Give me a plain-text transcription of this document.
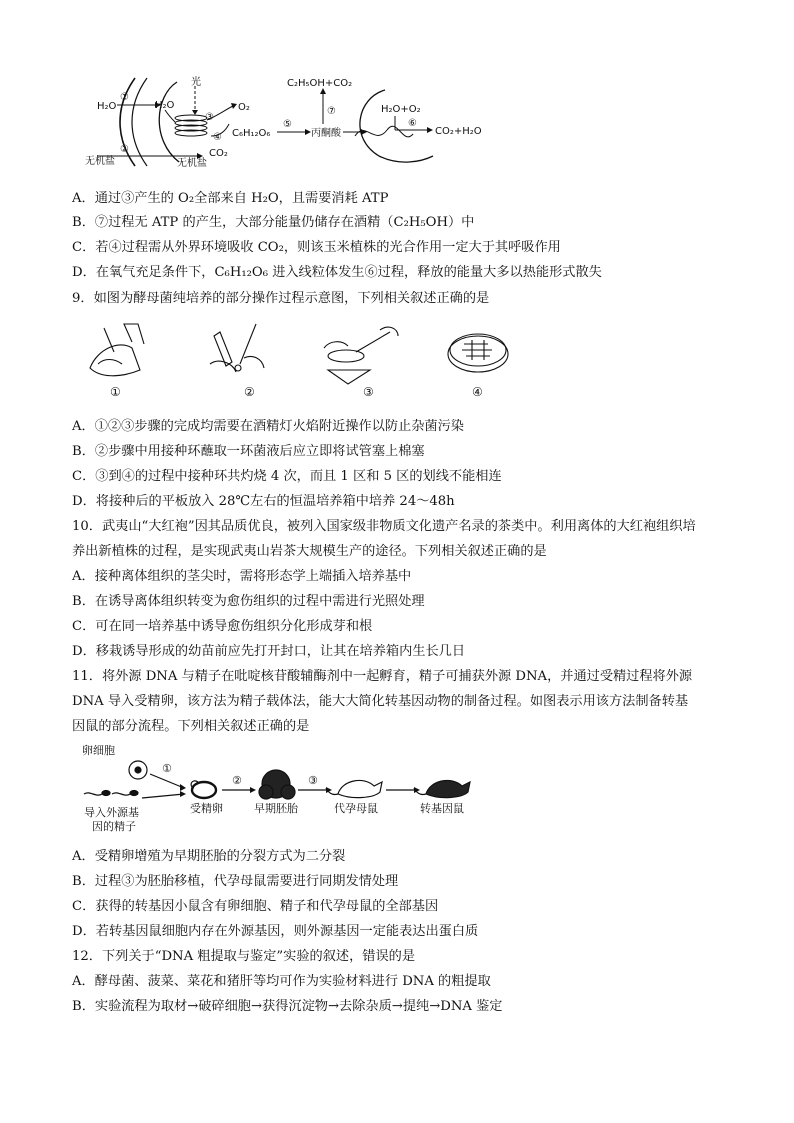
H₂O
①
H₂O
光
③
O₂
④
CO₂
C₆H₁₂O₆
⑤
②
无机盐	无机盐
C₂H₅OH+CO₂
⑦
丙酮酸
H₂O+O₂
⑥
CO₂+H₂O
A．通过③产生的 O₂全部来自 H₂O，且需要消耗 ATP
B．⑦过程无 ATP 的产生，大部分能量仍储存在酒精（C₂H₅OH）中
C．若④过程需从外界环境吸收 CO₂，则该玉米植株的光合作用一定大于其呼吸作用
D．在氧气充足条件下，C₆H₁₂O₆ 进入线粒体发生⑥过程，释放的能量大多以热能形式散失
9．如图为酵母菌纯培养的部分操作过程示意图，下列相关叙述正确的是
①	②	③	④
A．①②③步骤的完成均需要在酒精灯火焰附近操作以防止杂菌污染
B．②步骤中用接种环蘸取一环菌液后应立即将试管塞上棉塞
C．③到④的过程中接种环共灼烧 4 次，而且 1 区和 5 区的划线不能相连
D．将接种后的平板放入 28℃左右的恒温培养箱中培养 24～48h
10．武夷山“大红袍”因其品质优良，被列入国家级非物质文化遗产名录的茶类中。利用离体的大红袍组织培
养出新植株的过程，是实现武夷山岩茶大规模生产的途径。下列相关叙述正确的是
A．接种离体组织的茎尖时，需将形态学上端插入培养基中
B．在诱导离体组织转变为愈伤组织的过程中需进行光照处理
C．可在同一培养基中诱导愈伤组织分化形成芽和根
D．移栽诱导形成的幼苗前应先打开封口，让其在培养箱内生长几日
11．将外源 DNA 与精子在吡啶核苷酸辅酶剂中一起孵育，精子可捕获外源 DNA，并通过受精过程将外源
DNA 导入受精卵，该方法为精子载体法，能大大简化转基因动物的制备过程。如图表示用该方法制备转基
因鼠的部分流程。下列相关叙述正确的是
卵细胞
导入外源基
因的精子
①
受精卵
②
早期胚胎
③
代孕母鼠	转基因鼠
A．受精卵增殖为早期胚胎的分裂方式为二分裂
B．过程③为胚胎移植，代孕母鼠需要进行同期发情处理
C．获得的转基因小鼠含有卵细胞、精子和代孕母鼠的全部基因
D．若转基因鼠细胞内存在外源基因，则外源基因一定能表达出蛋白质
12．下列关于“DNA 粗提取与鉴定”实验的叙述，错误的是
A．酵母菌、菠菜、菜花和猪肝等均可作为实验材料进行 DNA 的粗提取
B．实验流程为取材→破碎细胞→获得沉淀物→去除杂质→提纯→DNA 鉴定
